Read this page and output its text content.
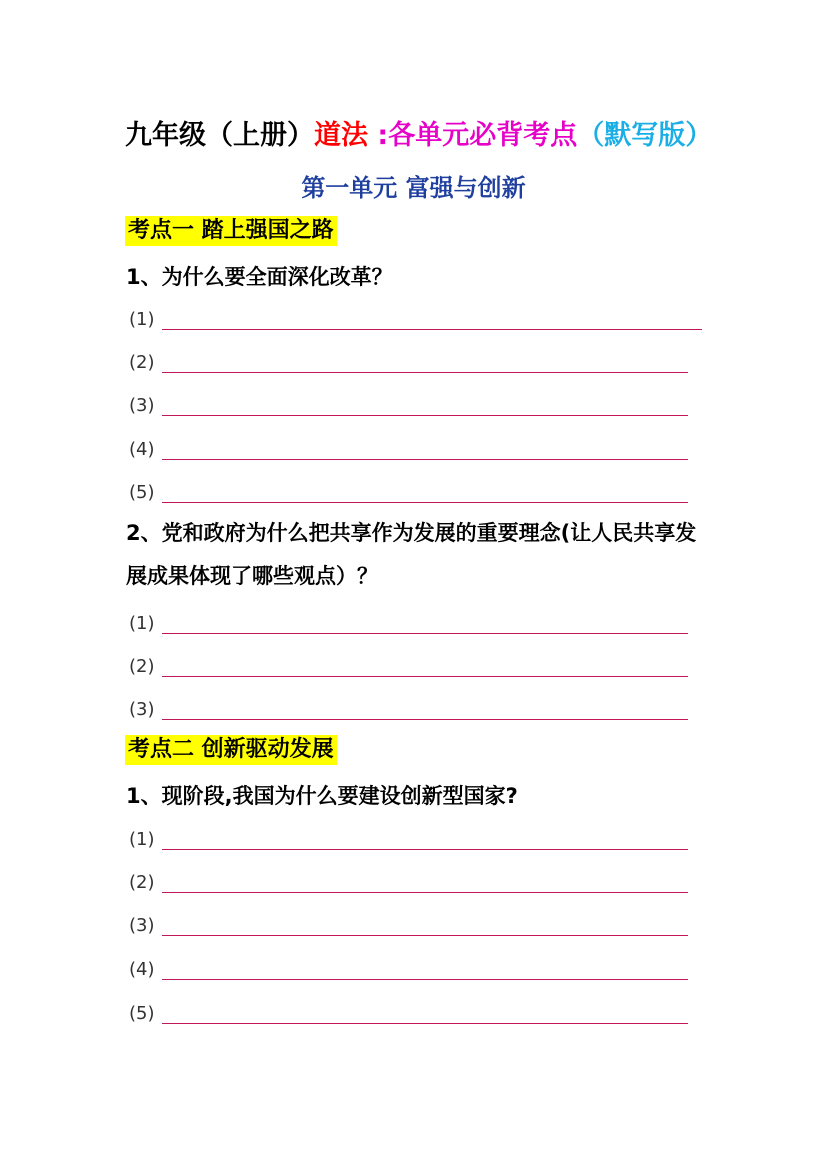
九年级（上册）道法 :各单元必背考点（默写版）
第一单元 富强与创新
考点一 踏上强国之路
1、为什么要全面深化改革？
(1)
(2)
(3)
(4)
(5)
2、党和政府为什么把共享作为发展的重要理念(让人民共享发展成果体现了哪些观点）？
(1)
(2)
(3)
考点二 创新驱动发展
1、现阶段,我国为什么要建设创新型国家?
(1)
(2)
(3)
(4)
(5)
